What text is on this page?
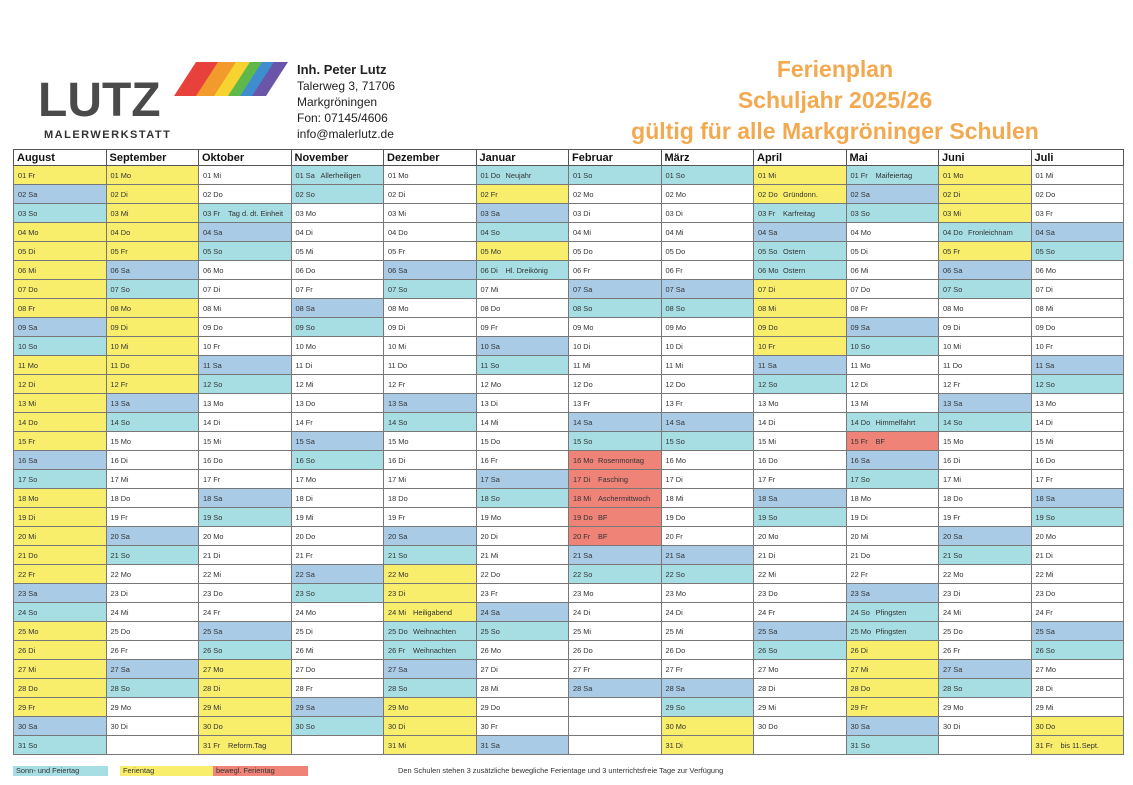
LUTZ
MALERWERKSTATT
Inh. Peter Lutz
Talerweg 3, 71706
Markgröningen
Fon: 07145/4606
info@malerlutz.de
Ferienplan
Schuljahr 2025/26
gültig für alle Markgröninger Schulen
August	September	Oktober	November	Dezember	Januar	Februar	März	April	Mai	Juni	Juli
01 Fr	01 Mo	01 Mi	01 Sa Allerheiligen	01 Mo	01 Do Neujahr	01 So	01 So	01 Mi	01 Fr Maifeiertag	01 Mo	01 Mi
02 Sa	02 Di	02 Do	02 So	02 Di	02 Fr	02 Mo	02 Mo	02 Do Gründonn.	02 Sa	02 Di	02 Do
03 So	03 Mi	03 Fr Tag d. dt. Einheit	03 Mo	03 Mi	03 Sa	03 Di	03 Di	03 Fr Karfreitag	03 So	03 Mi	03 Fr
04 Mo	04 Do	04 Sa	04 Di	04 Do	04 So	04 Mi	04 Mi	04 Sa	04 Mo	04 Do Fronleichnam	04 Sa
05 Di	05 Fr	05 So	05 Mi	05 Fr	05 Mo	05 Do	05 Do	05 So Ostern	05 Di	05 Fr	05 So
06 Mi	06 Sa	06 Mo	06 Do	06 Sa	06 Di Hl. Dreikönig	06 Fr	06 Fr	06 Mo Ostern	06 Mi	06 Sa	06 Mo
07 Do	07 So	07 Di	07 Fr	07 So	07 Mi	07 Sa	07 Sa	07 Di	07 Do	07 So	07 Di
08 Fr	08 Mo	08 Mi	08 Sa	08 Mo	08 Do	08 So	08 So	08 Mi	08 Fr	08 Mo	08 Mi
09 Sa	09 Di	09 Do	09 So	09 Di	09 Fr	09 Mo	09 Mo	09 Do	09 Sa	09 Di	09 Do
10 So	10 Mi	10 Fr	10 Mo	10 Mi	10 Sa	10 Di	10 Di	10 Fr	10 So	10 Mi	10 Fr
11 Mo	11 Do	11 Sa	11 Di	11 Do	11 So	11 Mi	11 Mi	11 Sa	11 Mo	11 Do	11 Sa
12 Di	12 Fr	12 So	12 Mi	12 Fr	12 Mo	12 Do	12 Do	12 So	12 Di	12 Fr	12 So
13 Mi	13 Sa	13 Mo	13 Do	13 Sa	13 Di	13 Fr	13 Fr	13 Mo	13 Mi	13 Sa	13 Mo
14 Do	14 So	14 Di	14 Fr	14 So	14 Mi	14 Sa	14 Sa	14 Di	14 Do Himmelfahrt	14 So	14 Di
15 Fr	15 Mo	15 Mi	15 Sa	15 Mo	15 Do	15 So	15 So	15 Mi	15 Fr BF	15 Mo	15 Mi
16 Sa	16 Di	16 Do	16 So	16 Di	16 Fr	16 Mo Rosenmontag	16 Mo	16 Do	16 Sa	16 Di	16 Do
17 So	17 Mi	17 Fr	17 Mo	17 Mi	17 Sa	17 Di Fasching	17 Di	17 Fr	17 So	17 Mi	17 Fr
18 Mo	18 Do	18 Sa	18 Di	18 Do	18 So	18 Mi Aschermittwoch	18 Mi	18 Sa	18 Mo	18 Do	18 Sa
19 Di	19 Fr	19 So	19 Mi	19 Fr	19 Mo	19 Do BF	19 Do	19 So	19 Di	19 Fr	19 So
20 Mi	20 Sa	20 Mo	20 Do	20 Sa	20 Di	20 Fr BF	20 Fr	20 Mo	20 Mi	20 Sa	20 Mo
21 Do	21 So	21 Di	21 Fr	21 So	21 Mi	21 Sa	21 Sa	21 Di	21 Do	21 So	21 Di
22 Fr	22 Mo	22 Mi	22 Sa	22 Mo	22 Do	22 So	22 So	22 Mi	22 Fr	22 Mo	22 Mi
23 Sa	23 Di	23 Do	23 So	23 Di	23 Fr	23 Mo	23 Mo	23 Do	23 Sa	23 Di	23 Do
24 So	24 Mi	24 Fr	24 Mo	24 Mi Heiligabend	24 Sa	24 Di	24 Di	24 Fr	24 So Pfingsten	24 Mi	24 Fr
25 Mo	25 Do	25 Sa	25 Di	25 Do Weihnachten	25 So	25 Mi	25 Mi	25 Sa	25 Mo Pfingsten	25 Do	25 Sa
26 Di	26 Fr	26 So	26 Mi	26 Fr Weihnachten	26 Mo	26 Do	26 Do	26 So	26 Di	26 Fr	26 So
27 Mi	27 Sa	27 Mo	27 Do	27 Sa	27 Di	27 Fr	27 Fr	27 Mo	27 Mi	27 Sa	27 Mo
28 Do	28 So	28 Di	28 Fr	28 So	28 Mi	28 Sa	28 Sa	28 Di	28 Do	28 So	28 Di
29 Fr	29 Mo	29 Mi	29 Sa	29 Mo	29 Do		29 So	29 Mi	29 Fr	29 Mo	29 Mi
30 Sa	30 Di	30 Do	30 So	30 Di	30 Fr		30 Mo	30 Do	30 Sa	30 Di	30 Do
31 So		31 Fr Reform.Tag		31 Mi	31 Sa		31 Di		31 So		31 Fr bis 11.Sept.
Sonn- und Feiertag	Ferientag	bewegl. Ferientag	Den Schulen stehen 3 zusätzliche bewegliche Ferientage und 3 unterrichtsfreie Tage zur Verfügung
